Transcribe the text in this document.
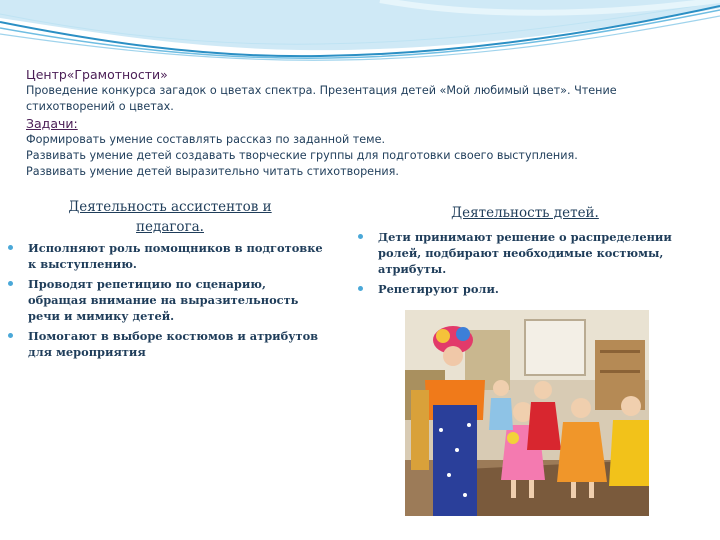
Центр«Грамотности»
Проведение конкурса загадок о цветах спектра. Презентация детей «Мой любимый цвет». Чтение
стихотворений о цветах.
Задачи:
Формировать умение составлять рассказ по заданной теме.
Развивать умение детей создавать творческие группы для подготовки своего выступления.
Развивать умение детей выразительно читать стихотворения.
Деятельность ассистентов и
педагога.
Исполняют роль помощников в подготовке
к выступлению.
Проводят репетицию по сценарию,
обращая внимание на выразительность
речи и мимику детей.
Помогают в выборе костюмов и атрибутов
для мероприятия
Деятельность детей.
Дети принимают решение о распределении
ролей, подбирают необходимые костюмы,
атрибуты.
Репетируют роли.
